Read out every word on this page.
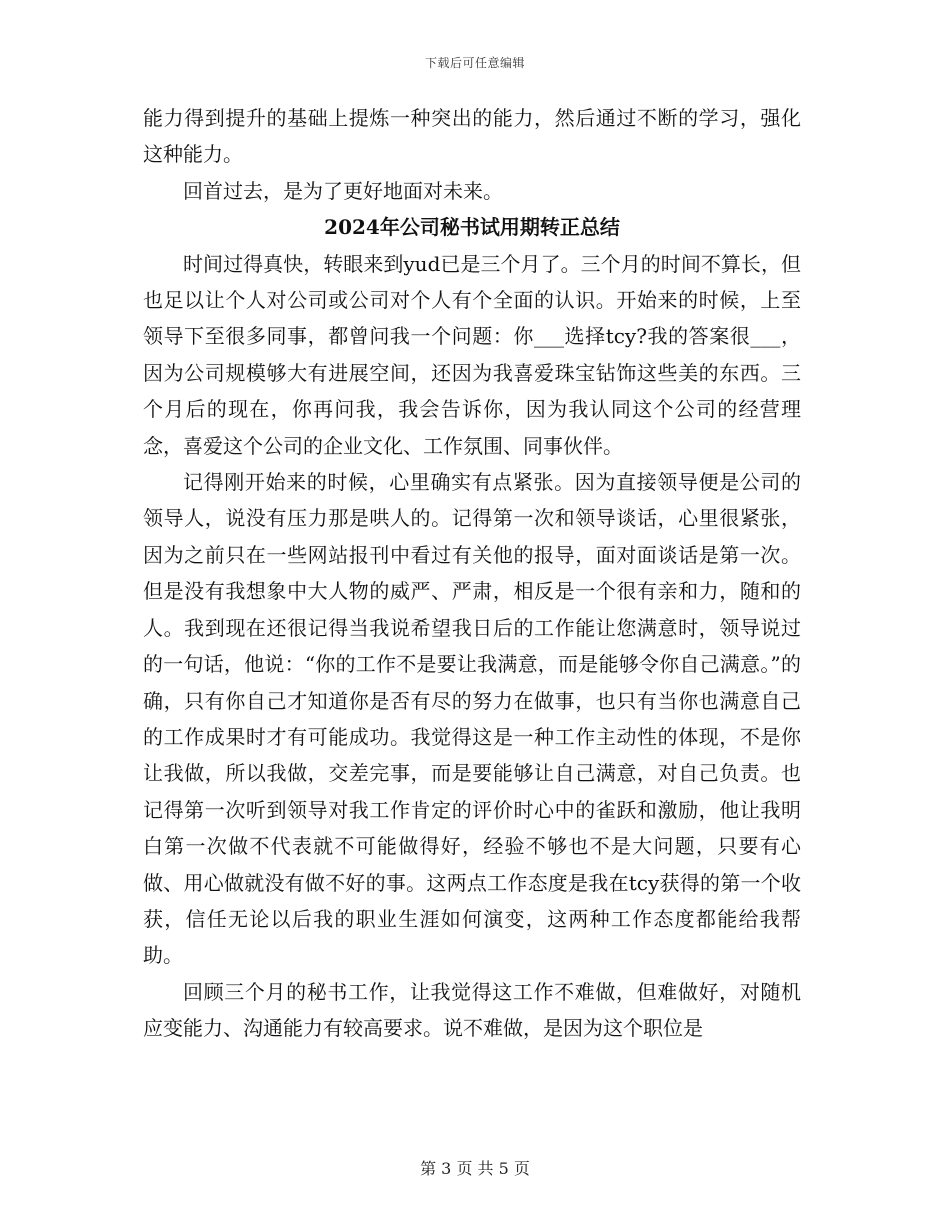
下载后可任意编辑

能力得到提升的基础上提炼一种突出的能力，然后通过不断的学习，强化这种能力。

回首过去，是为了更好地面对未来。

2024年公司秘书试用期转正总结

时间过得真快，转眼来到yud已是三个月了。三个月的时间不算长，但也足以让个人对公司或公司对个人有个全面的认识。开始来的时候，上至领导下至很多同事，都曾问我一个问题：你___选择tcy?我的答案很___，因为公司规模够大有进展空间，还因为我喜爱珠宝钻饰这些美的东西。三个月后的现在，你再问我，我会告诉你，因为我认同这个公司的经营理念，喜爱这个公司的企业文化、工作氛围、同事伙伴。

记得刚开始来的时候，心里确实有点紧张。因为直接领导便是公司的领导人，说没有压力那是哄人的。记得第一次和领导谈话，心里很紧张，因为之前只在一些网站报刊中看过有关他的报导，面对面谈话是第一次。但是没有我想象中大人物的威严、严肃，相反是一个很有亲和力，随和的人。我到现在还很记得当我说希望我日后的工作能让您满意时，领导说过的一句话，他说：“你的工作不是要让我满意，而是能够令你自己满意。”的确，只有你自己才知道你是否有尽的努力在做事，也只有当你也满意自己的工作成果时才有可能成功。我觉得这是一种工作主动性的体现，不是你让我做，所以我做，交差完事，而是要能够让自己满意，对自己负责。也记得第一次听到领导对我工作肯定的评价时心中的雀跃和激励，他让我明白第一次做不代表就不可能做得好，经验不够也不是大问题，只要有心做、用心做就没有做不好的事。这两点工作态度是我在tcy获得的第一个收获，信任无论以后我的职业生涯如何演变，这两种工作态度都能给我帮助。

回顾三个月的秘书工作，让我觉得这工作不难做，但难做好，对随机应变能力、沟通能力有较高要求。说不难做，是因为这个职位是

第 3 页 共 5 页
